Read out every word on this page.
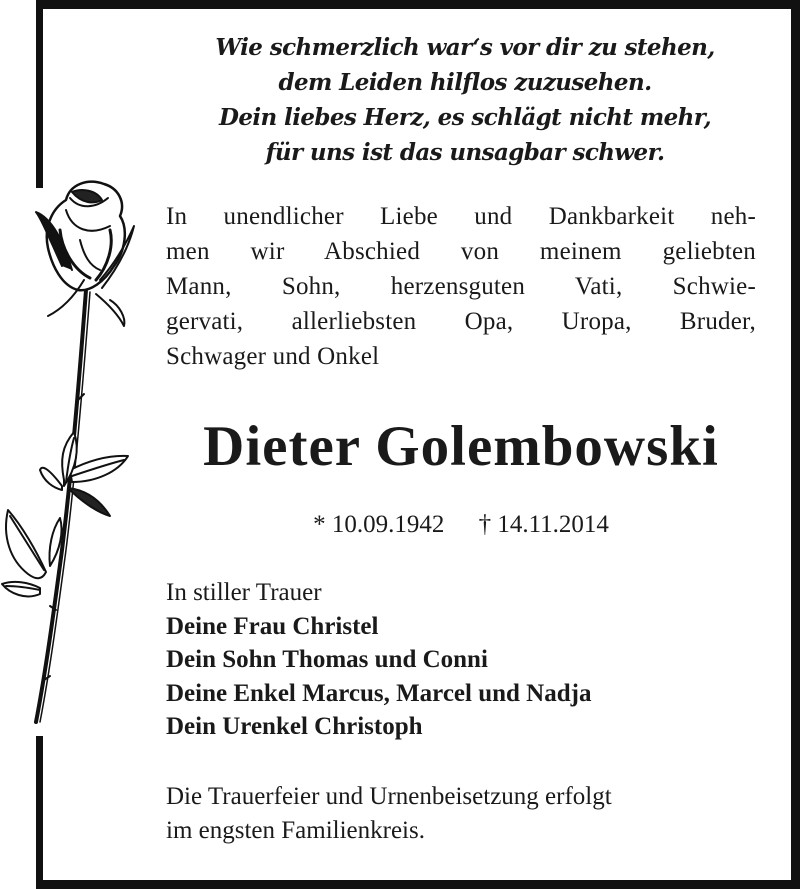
Wie schmerzlich war‘s vor dir zu stehen,
dem Leiden hilflos zuzusehen.
Dein liebes Herz, es schlägt nicht mehr,
für uns ist das unsagbar schwer.
In unendlicher Liebe und Dankbarkeit neh-
men wir Abschied von meinem geliebten
Mann, Sohn, herzensguten Vati, Schwie-
gervati, allerliebsten Opa, Uropa, Bruder,
Schwager und Onkel
Dieter Golembowski
* 10.09.1942 † 14.11.2014
In stiller Trauer
Deine Frau Christel
Dein Sohn Thomas und Conni
Deine Enkel Marcus, Marcel und Nadja
Dein Urenkel Christoph
Die Trauerfeier und Urnenbeisetzung erfolgt
im engsten Familienkreis.
